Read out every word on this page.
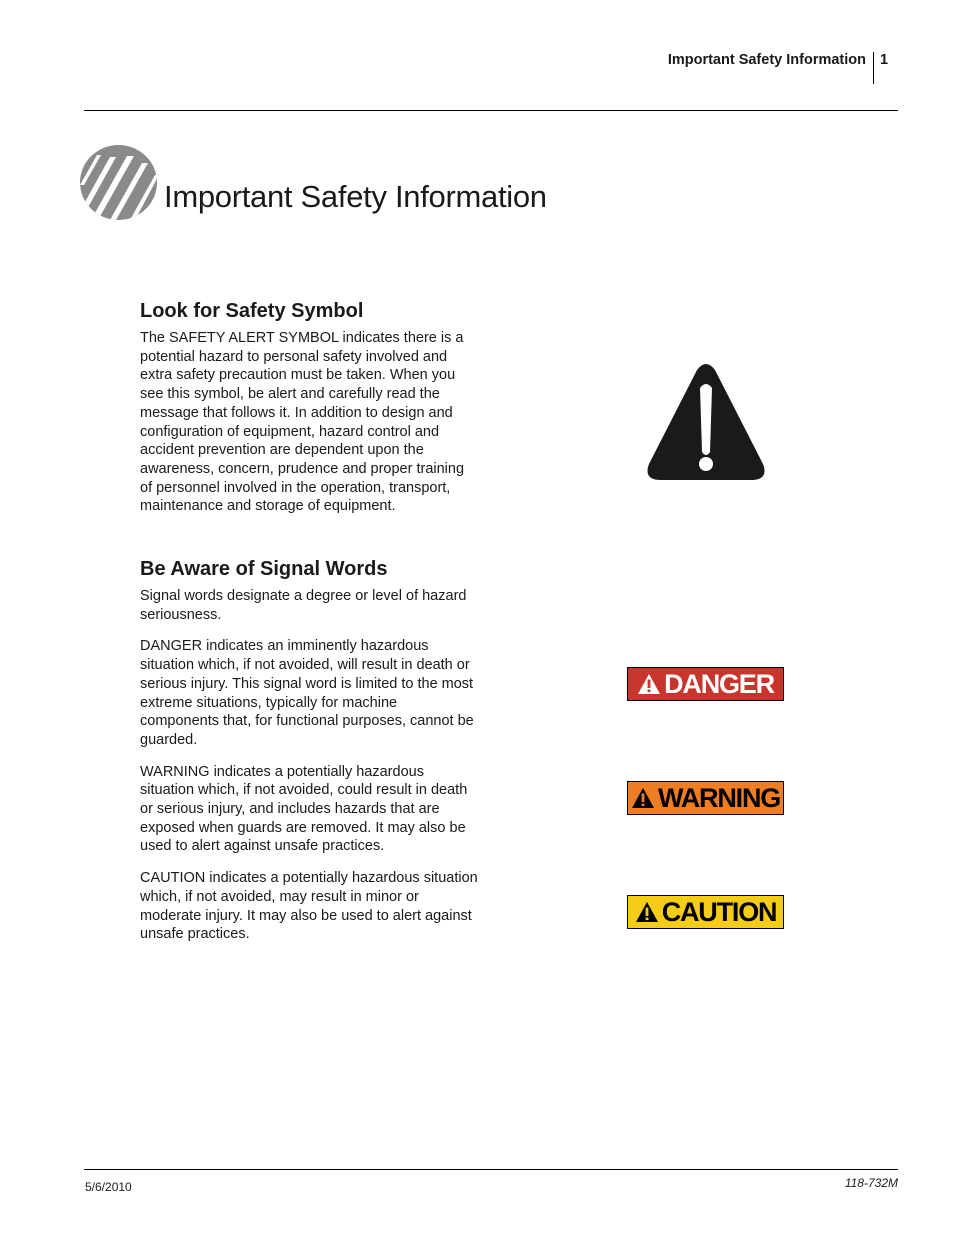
Important Safety Information 1
Important Safety Information
Look for Safety Symbol

The SAFETY ALERT SYMBOL indicates there is a potential hazard to personal safety involved and extra safety precaution must be taken. When you see this symbol, be alert and carefully read the message that follows it. In addition to design and configuration of equipment, hazard control and accident prevention are dependent upon the awareness, concern, prudence and proper training of personnel involved in the operation, transport, maintenance and storage of equipment.

Be Aware of Signal Words

Signal words designate a degree or level of hazard seriousness.

DANGER indicates an imminently hazardous situation which, if not avoided, will result in death or serious injury. This signal word is limited to the most extreme situations, typically for machine components that, for functional purposes, cannot be guarded.

WARNING indicates a potentially hazardous situation which, if not avoided, could result in death or serious injury, and includes hazards that are exposed when guards are removed. It may also be used to alert against unsafe practices.

CAUTION indicates a potentially hazardous situation which, if not avoided, may result in minor or moderate injury. It may also be used to alert against unsafe practices.

DANGER
WARNING
CAUTION
5/6/2010	118-732M
